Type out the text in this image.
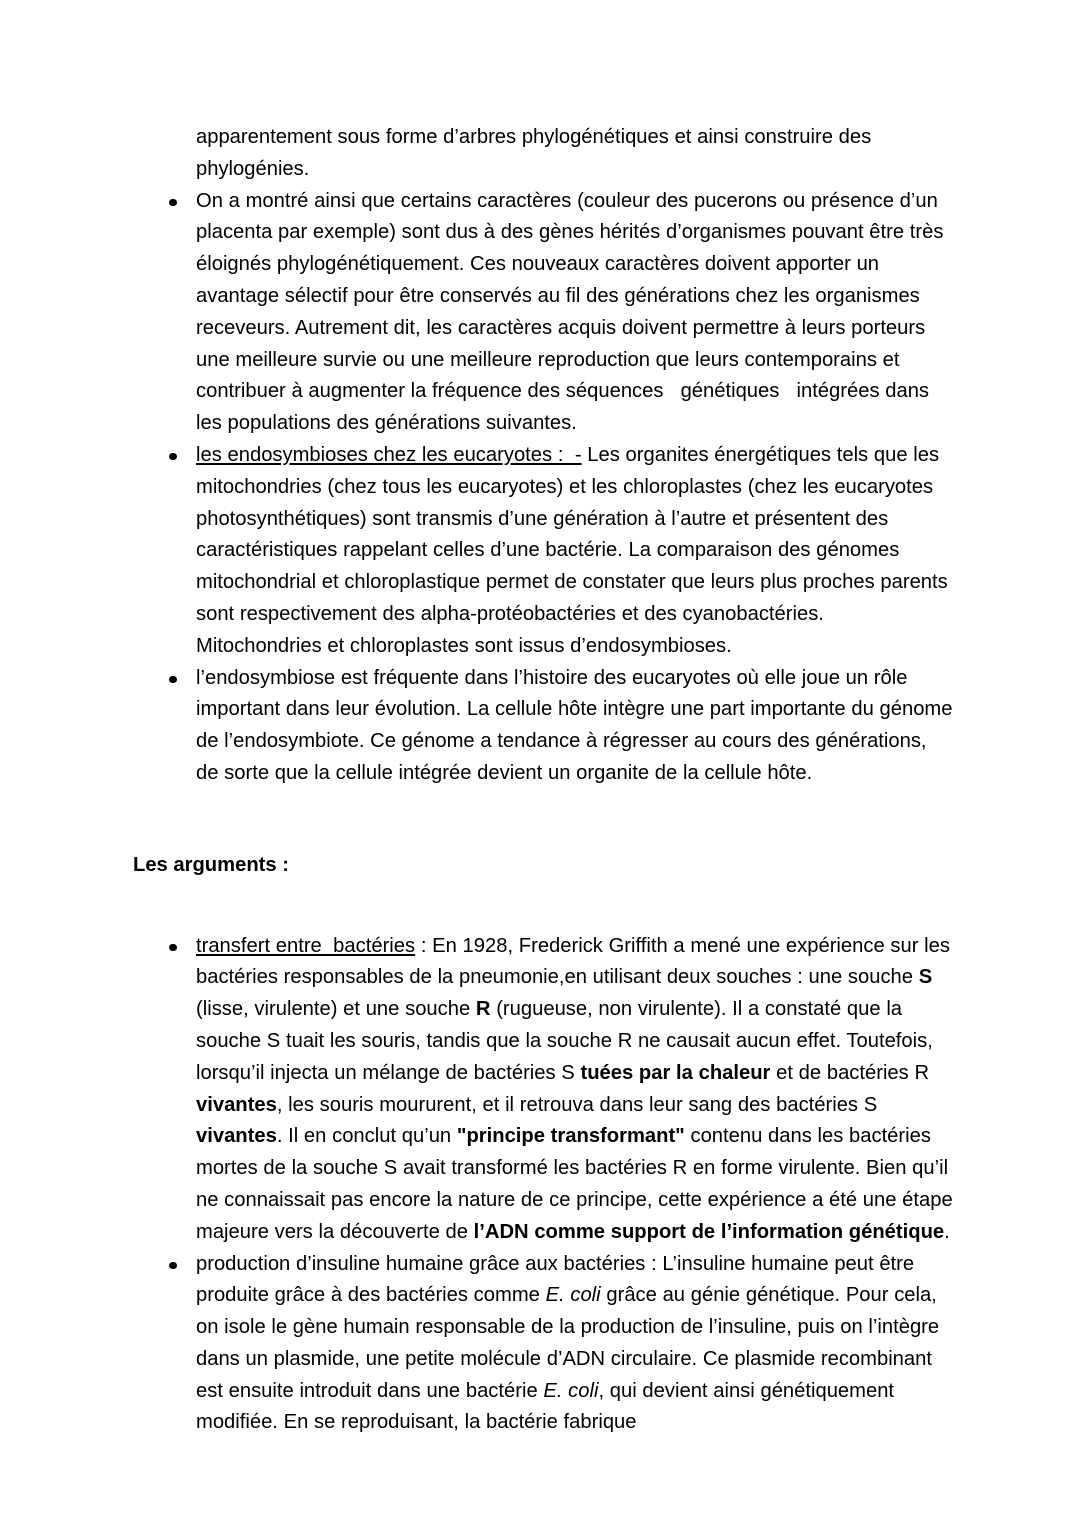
apparentement sous forme d’arbres phylogénétiques et ainsi construire des phylogénies.

On a montré ainsi que certains caractères (couleur des pucerons ou présence d’un placenta par exemple) sont dus à des gènes hérités d’organismes pouvant être très éloignés phylogénétiquement. Ces nouveaux caractères doivent apporter un avantage sélectif pour être conservés au fil des générations chez les organismes receveurs. Autrement dit, les caractères acquis doivent permettre à leurs porteurs une meilleure survie ou une meilleure reproduction que leurs contemporains et contribuer à augmenter la fréquence des séquences   génétiques   intégrées dans les populations des générations suivantes.
les endosymbioses chez les eucaryotes :  - Les organites énergétiques tels que les mitochondries (chez tous les eucaryotes) et les chloroplastes (chez les eucaryotes photosynthétiques) sont transmis d’une génération à l’autre et présentent des caractéristiques rappelant celles d’une bactérie. La comparaison des génomes mitochondrial et chloroplastique permet de constater que leurs plus proches parents sont respectivement des alpha-protéobactéries et des cyanobactéries. Mitochondries et chloroplastes sont issus d’endosymbioses.
l’endosymbiose est fréquente dans l’histoire des eucaryotes où elle joue un rôle important dans leur évolution. La cellule hôte intègre une part importante du génome de l’endosymbiote. Ce génome a tendance à régresser au cours des générations, de sorte que la cellule intégrée devient un organite de la cellule hôte.
Les arguments :
transfert entre  bactéries : En 1928, Frederick Griffith a mené une expérience sur les bactéries responsables de la pneumonie,en utilisant deux souches : une souche S (lisse, virulente) et une souche R (rugueuse, non virulente). Il a constaté que la souche S tuait les souris, tandis que la souche R ne causait aucun effet. Toutefois, lorsqu’il injecta un mélange de bactéries S tuées par la chaleur et de bactéries R vivantes, les souris moururent, et il retrouva dans leur sang des bactéries S vivantes. Il en conclut qu’un "principe transformant" contenu dans les bactéries mortes de la souche S avait transformé les bactéries R en forme virulente. Bien qu’il ne connaissait pas encore la nature de ce principe, cette expérience a été une étape majeure vers la découverte de l’ADN comme support de l’information génétique.
production d’insuline humaine grâce aux bactéries : L’insuline humaine peut être produite grâce à des bactéries comme E. coli grâce au génie génétique. Pour cela, on isole le gène humain responsable de la production de l’insuline, puis on l’intègre dans un plasmide, une petite molécule d’ADN circulaire. Ce plasmide recombinant est ensuite introduit dans une bactérie E. coli, qui devient ainsi génétiquement modifiée. En se reproduisant, la bactérie fabrique
